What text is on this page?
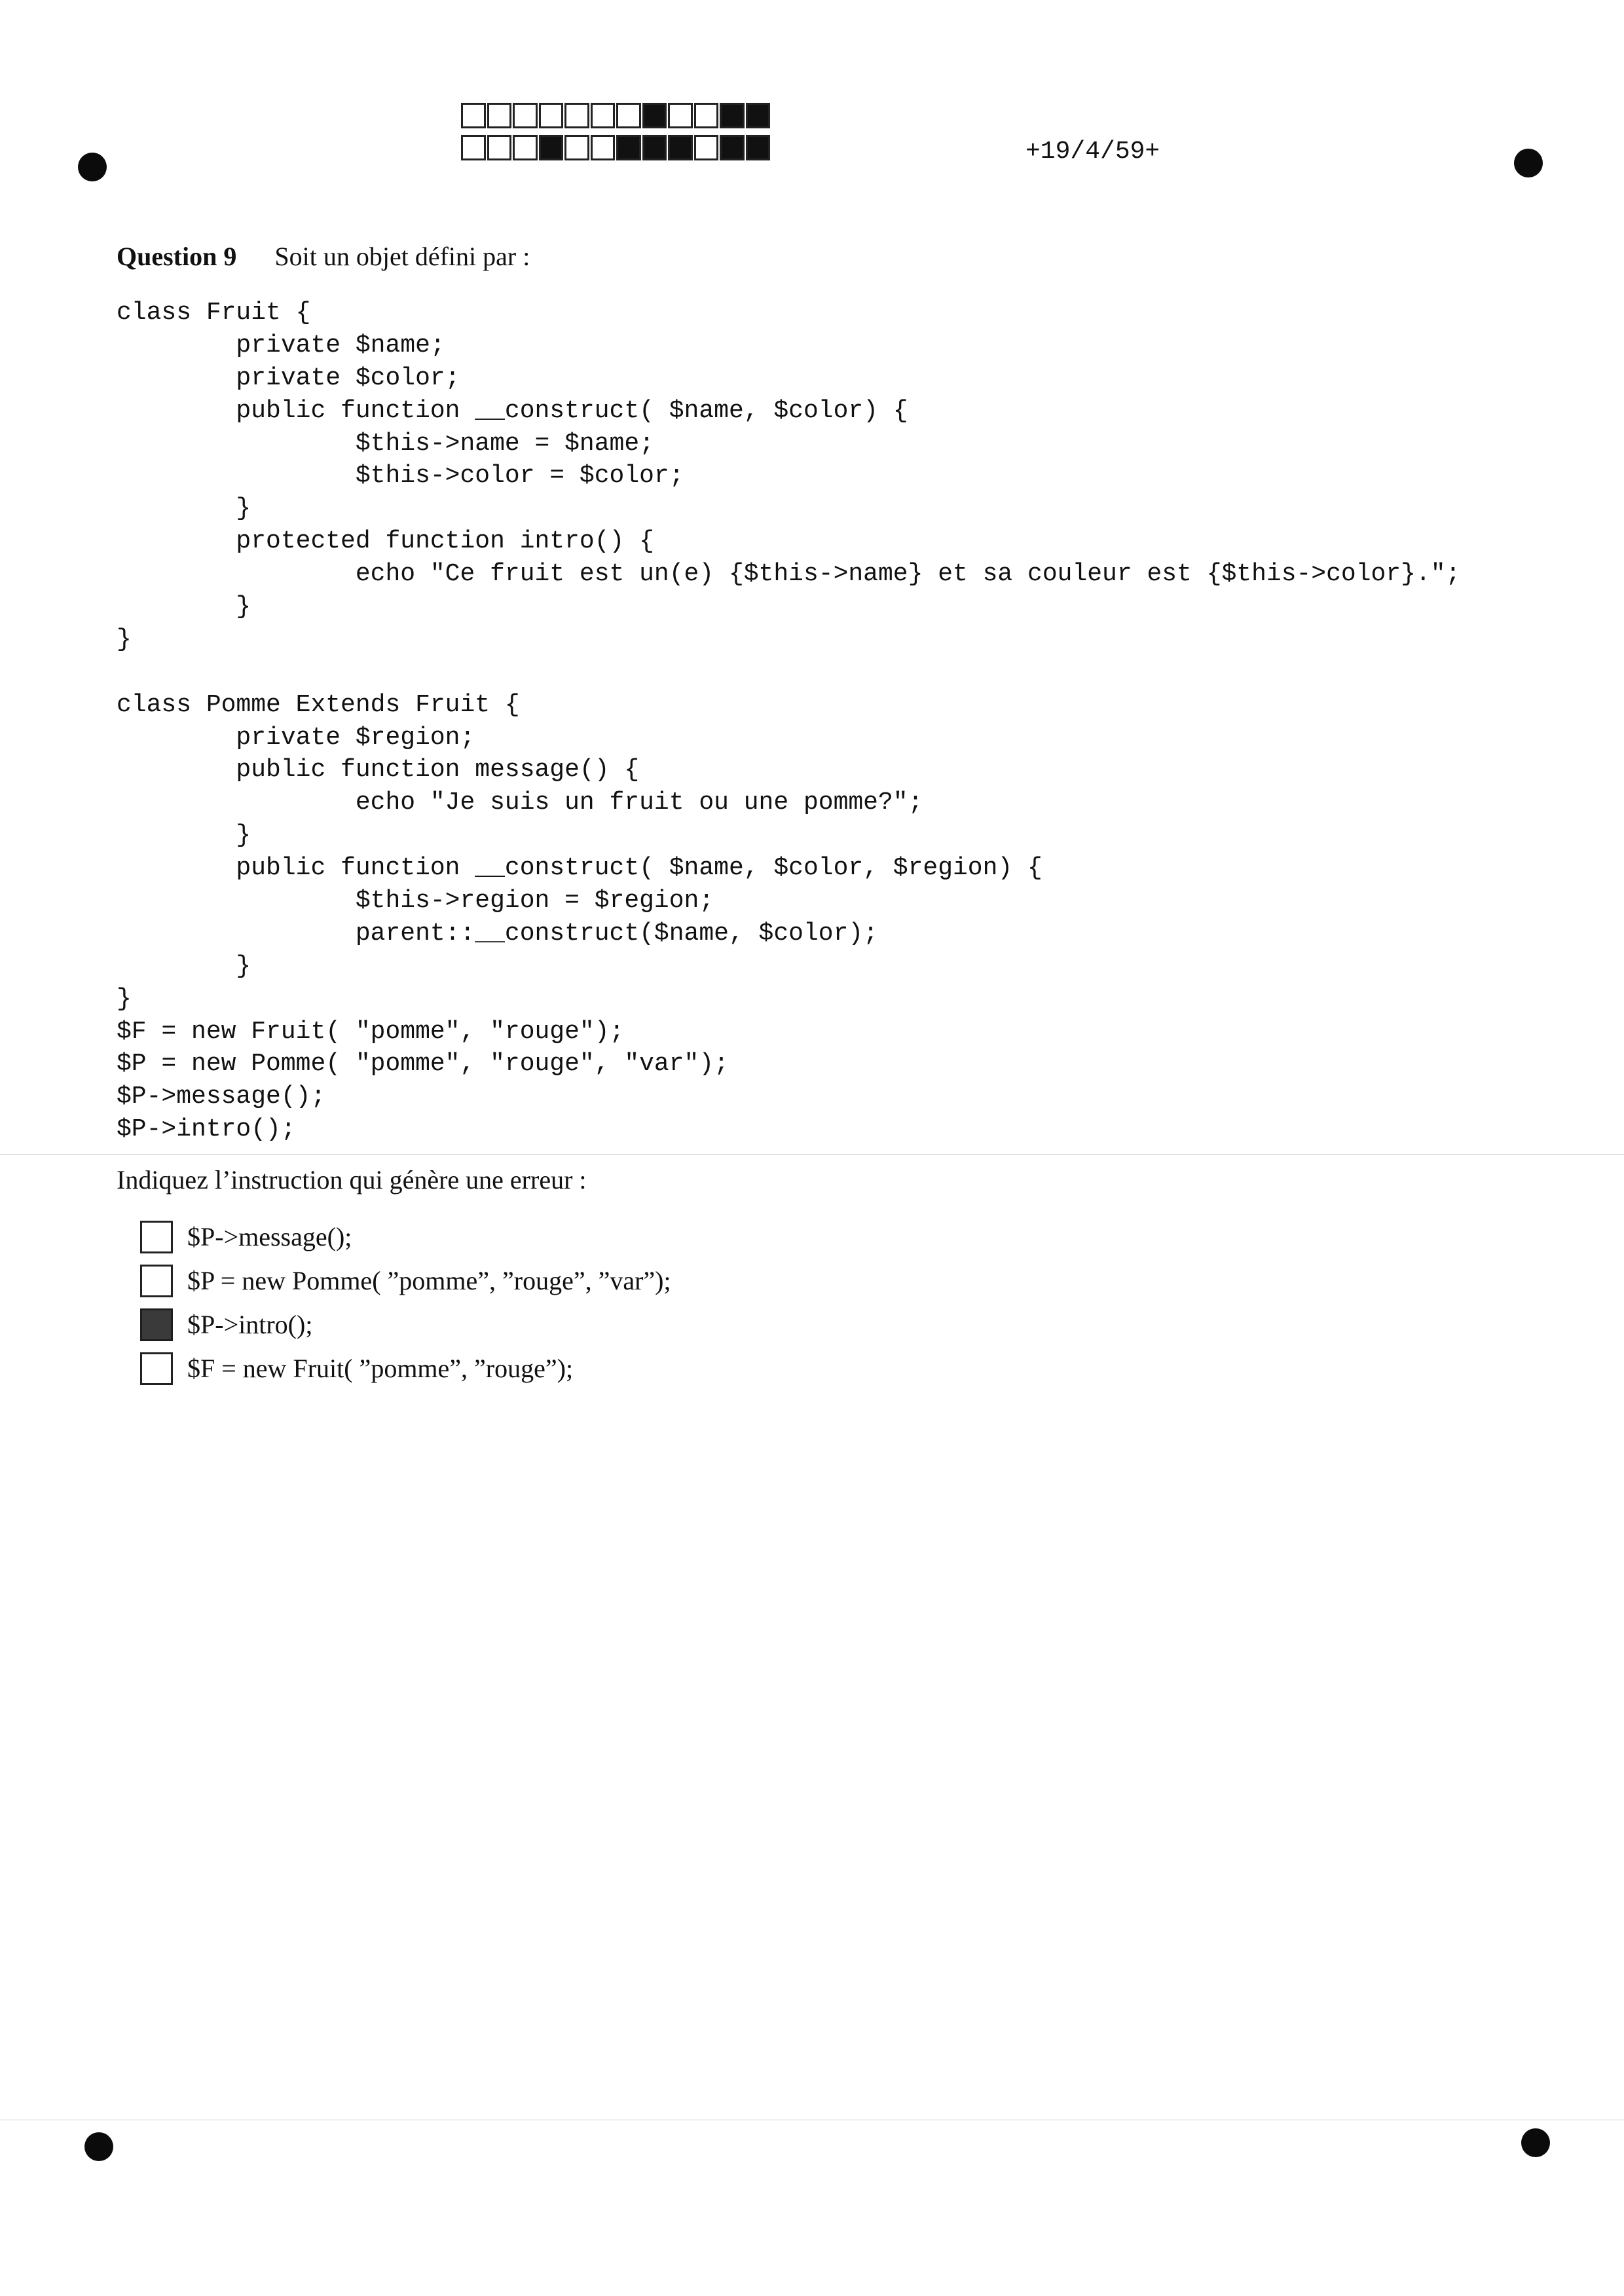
+19/4/59+
Question 9 Soit un objet défini par :
class Fruit {
private $name;
private $color;
public function __construct( $name, $color) {
$this->name = $name;
$this->color = $color;
}
protected function intro() {
echo "Ce fruit est un(e) {$this->name} et sa couleur est {$this->color}.";
}
}
class Pomme Extends Fruit {
private $region;
public function message() {
echo "Je suis un fruit ou une pomme?";
}
public function __construct( $name, $color, $region) {
$this->region = $region;
parent::__construct($name, $color);
}
}
$F = new Fruit( "pomme", "rouge");
$P = new Pomme( "pomme", "rouge", "var");
$P->message();
$P->intro();
Indiquez l’instruction qui génère une erreur :
$P->message();
$P = new Pomme( ”pomme”, ”rouge”, ”var”);
$P->intro();
$F = new Fruit( ”pomme”, ”rouge”);
